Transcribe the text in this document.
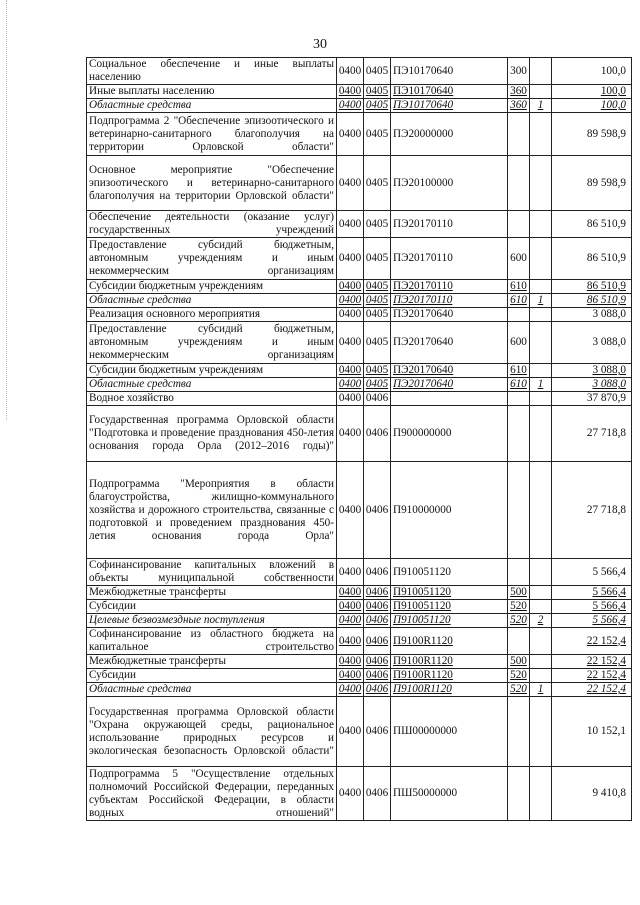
30
Социальное обеспечение и иные выплаты населению	0400	0405	ПЭ10170640	300		100,0
Иные выплаты населению	0400	0405	ПЭ10170640	360		100,0
Областные средства	0400	0405	ПЭ10170640	360	1	100,0
Подпрограмма 2 "Обеспечение эпизоотического и ветеринарно-санитарного благополучия на территории Орловской области"	0400	0405	ПЭ20000000			89 598,9
Основное мероприятие "Обеспечение эпизоотического и ветеринарно-санитарного благополучия на территории Орловской области"	0400	0405	ПЭ20100000			89 598,9
Обеспечение деятельности (оказание услуг) государственных учреждений	0400	0405	ПЭ20170110			86 510,9
Предоставление субсидий бюджетным, автономным учреждениям и иным некоммерческим организациям	0400	0405	ПЭ20170110	600		86 510,9
Субсидии бюджетным учреждениям	0400	0405	ПЭ20170110	610		86 510,9
Областные средства	0400	0405	ПЭ20170110	610	1	86 510,9
Реализация основного мероприятия	0400	0405	ПЭ20170640			3 088,0
Предоставление субсидий бюджетным, автономным учреждениям и иным некоммерческим организациям	0400	0405	ПЭ20170640	600		3 088,0
Субсидии бюджетным учреждениям	0400	0405	ПЭ20170640	610		3 088,0
Областные средства	0400	0405	ПЭ20170640	610	1	3 088,0
Водное хозяйство	0400	0406				37 870,9
Государственная программа Орловской области "Подготовка и проведение празднования 450-летия основания города Орла (2012–2016 годы)"	0400	0406	П900000000			27 718,8
Подпрограмма "Мероприятия в области благоустройства, жилищно-коммунального хозяйства и дорожного строительства, связанные с подготовкой и проведением празднования 450-летия основания города Орла"	0400	0406	П910000000			27 718,8
Софинансирование капитальных вложений в объекты муниципальной собственности	0400	0406	П910051120			5 566,4
Межбюджетные трансферты	0400	0406	П910051120	500		5 566,4
Субсидии	0400	0406	П910051120	520		5 566,4
Целевые безвозмездные поступления	0400	0406	П910051120	520	2	5 566,4
Софинансирование из областного бюджета на капитальное строительство	0400	0406	П9100R1120			22 152,4
Межбюджетные трансферты	0400	0406	П9100R1120	500		22 152,4
Субсидии	0400	0406	П9100R1120	520		22 152,4
Областные средства	0400	0406	П9100R1120	520	1	22 152,4
Государственная программа Орловской области "Охрана окружающей среды, рациональное использование природных ресурсов и экологическая безопасность Орловской области"	0400	0406	ПШ00000000			10 152,1
Подпрограмма 5 "Осуществление отдельных полномочий Российской Федерации, переданных субъектам Российской Федерации, в области водных отношений"	0400	0406	ПШ50000000			9 410,8
